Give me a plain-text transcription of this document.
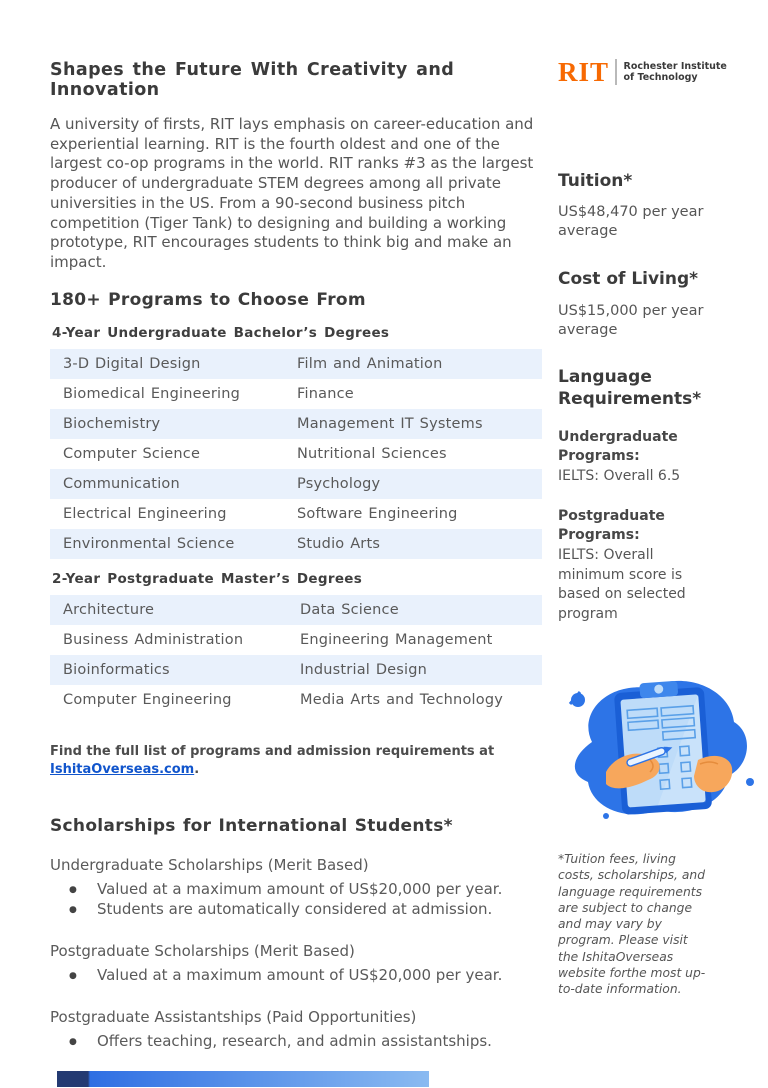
RIT Rochester Institute
of Technology
Shapes the Future With Creativity and Innovation
A university of firsts, RIT lays emphasis on career-education and experiential learning. RIT is the fourth oldest and one of the largest co-op programs in the world. RIT ranks #3 as the largest producer of undergraduate STEM degrees among all private universities in the US. From a 90-second business pitch competition (Tiger Tank) to designing and building a working prototype, RIT encourages students to think big and make an impact.
180+ Programs to Choose From
4-Year Undergraduate Bachelor’s Degrees
3-D Digital Design	Film and Animation
Biomedical Engineering	Finance
Biochemistry	Management IT Systems
Computer Science	Nutritional Sciences
Communication	Psychology
Electrical Engineering	Software Engineering
Environmental Science	Studio Arts
2-Year Postgraduate Master’s Degrees
Architecture	Data Science
Business Administration	Engineering Management
Bioinformatics	Industrial Design
Computer Engineering	Media Arts and Technology
Find the full list of programs and admission requirements at IshitaOverseas.com.
Scholarships for International Students*
Undergraduate Scholarships (Merit Based)
● Valued at a maximum amount of US$20,000 per year.
● Students are automatically considered at admission.
Postgraduate Scholarships (Merit Based)
● Valued at a maximum amount of US$20,000 per year.
Postgraduate Assistantships (Paid Opportunities)
● Offers teaching, research, and admin assistantships.
Tuition*
US$48,470 per year average
Cost of Living*
US$15,000 per year average
Language Requirements*
Undergraduate Programs:
IELTS: Overall 6.5
Postgraduate Programs:
IELTS: Overall minimum score is based on selected program
*Tuition fees, living costs, scholarships, and language requirements are subject to change and may vary by program. Please visit the IshitaOverseas website forthe most up-to-date information.
